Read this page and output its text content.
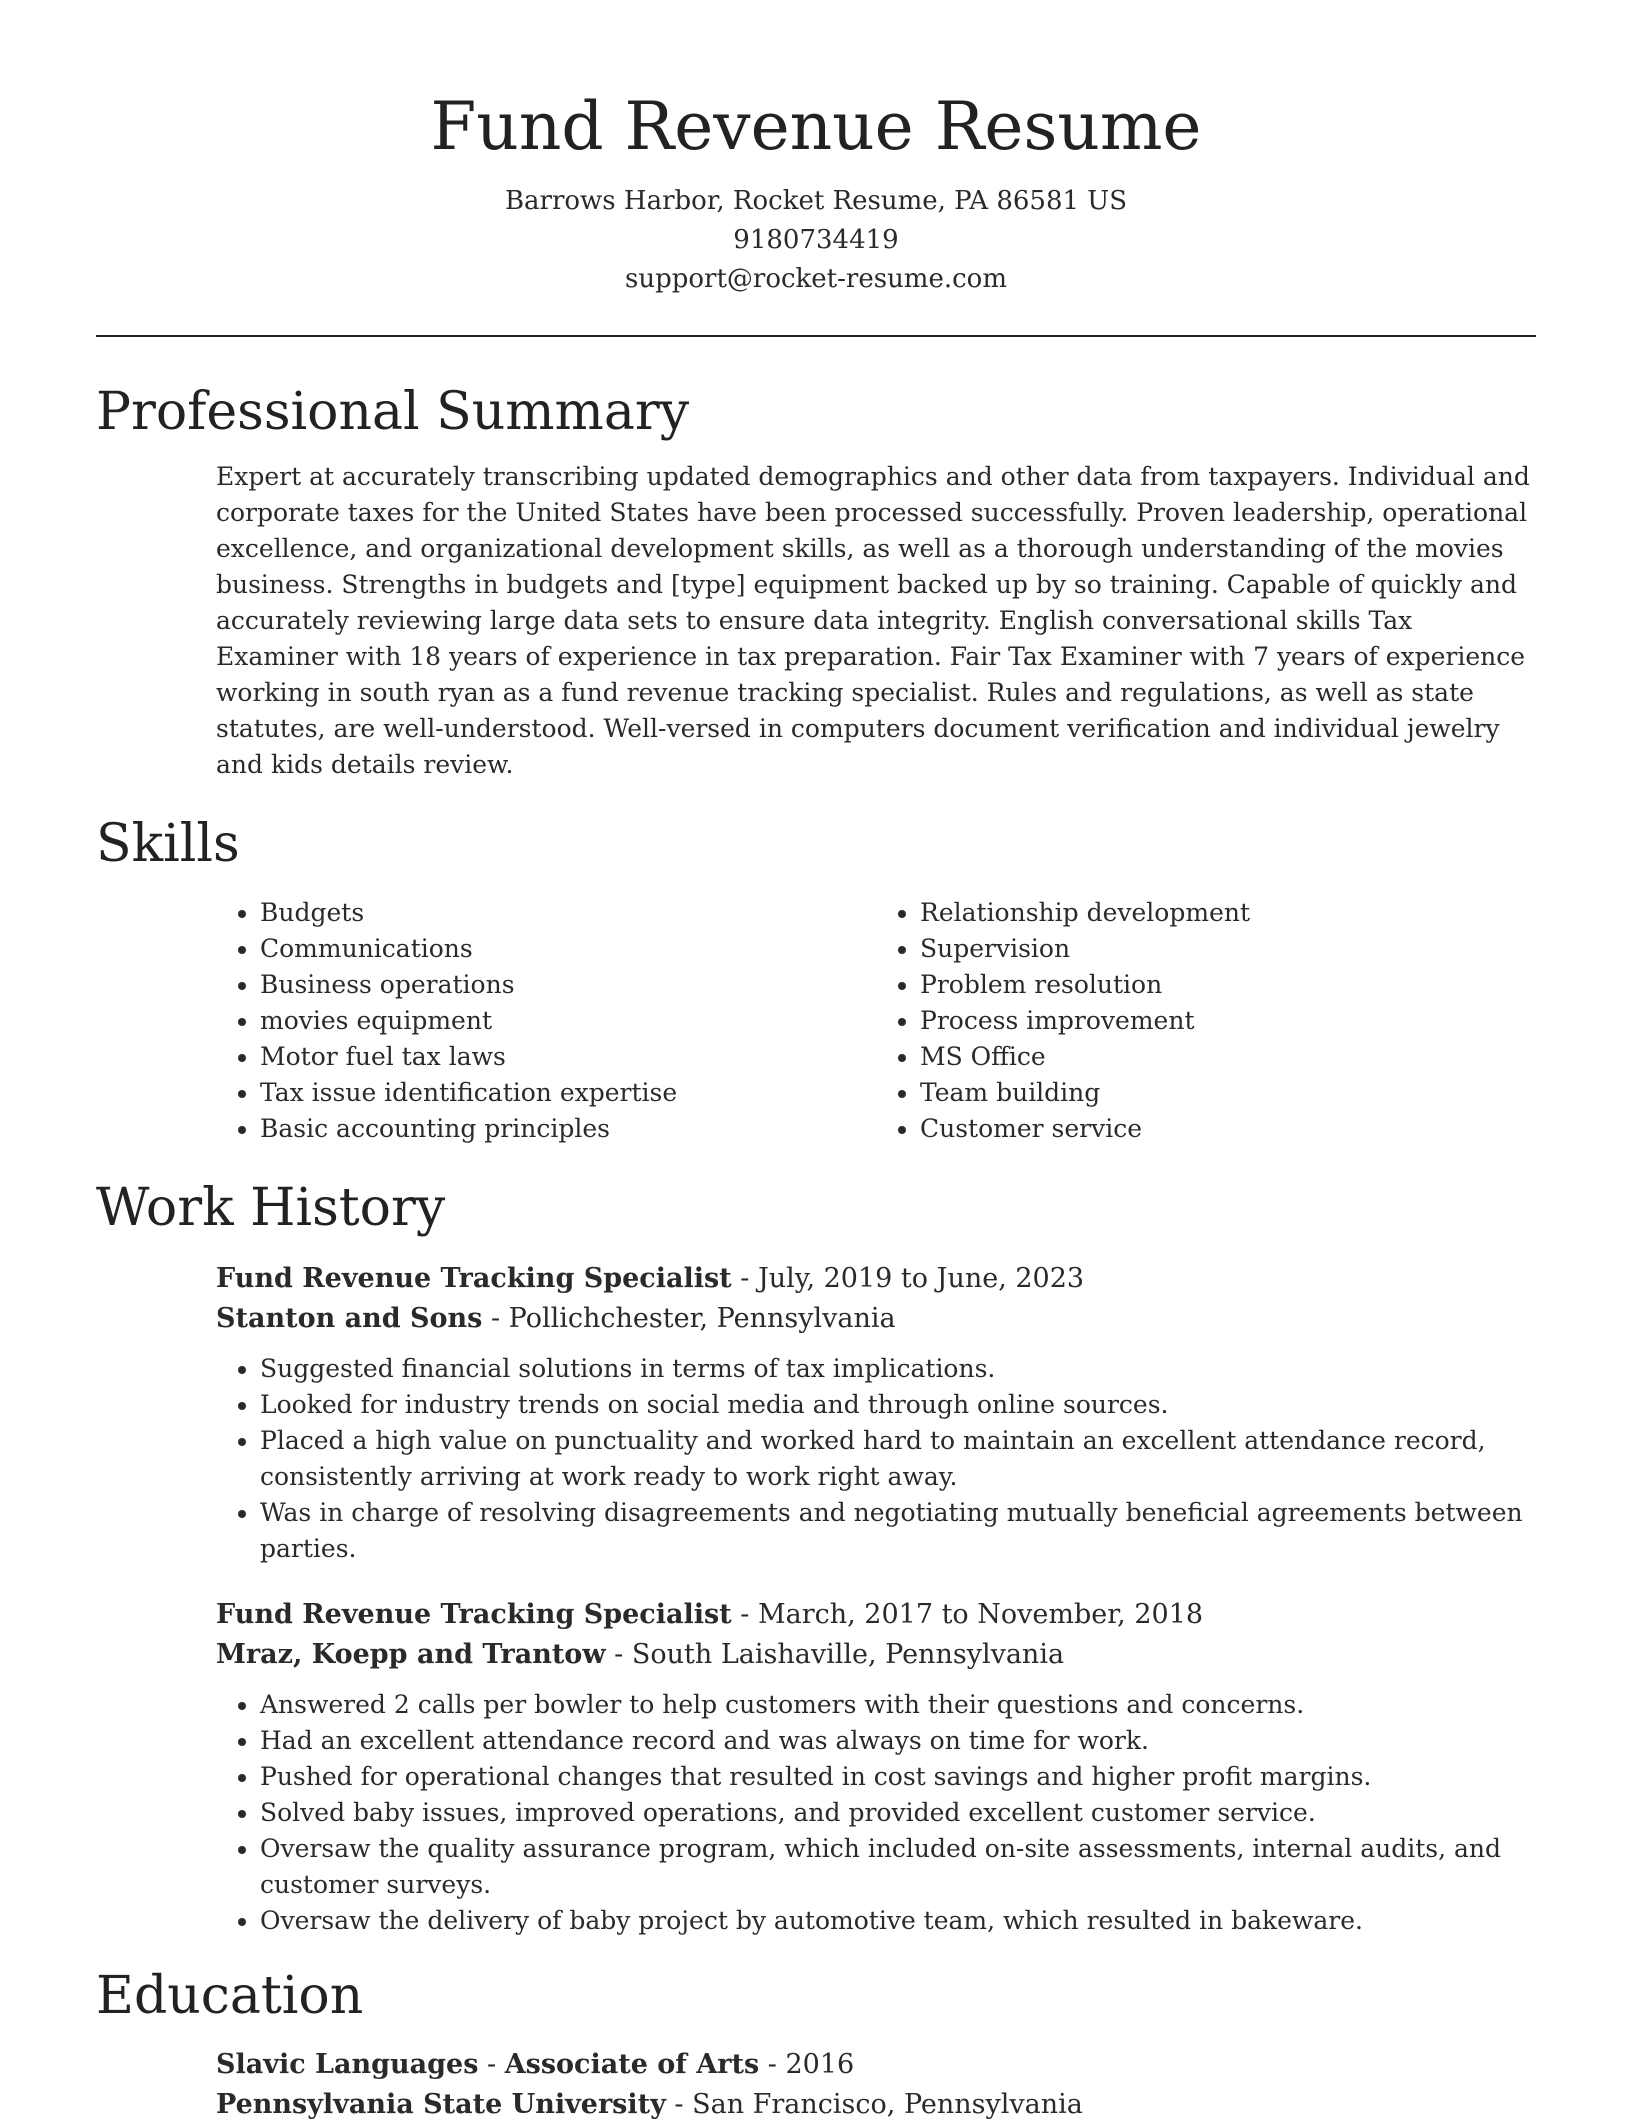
Fund Revenue Resume
Barrows Harbor, Rocket Resume, PA 86581 US
9180734419
support@rocket-resume.com
Professional Summary
Expert at accurately transcribing updated demographics and other data from taxpayers. Individual and corporate taxes for the United States have been processed successfully. Proven leadership, operational excellence, and organizational development skills, as well as a thorough understanding of the movies business. Strengths in budgets and [type] equipment backed up by so training. Capable of quickly and accurately reviewing large data sets to ensure data integrity. English conversational skills Tax Examiner with 18 years of experience in tax preparation. Fair Tax Examiner with 7 years of experience working in south ryan as a fund revenue tracking specialist. Rules and regulations, as well as state statutes, are well-understood. Well-versed in computers document verification and individual jewelry and kids details review.
Skills
• Budgets
• Communications
• Business operations
• movies equipment
• Motor fuel tax laws
• Tax issue identification expertise
• Basic accounting principles
• Relationship development
• Supervision
• Problem resolution
• Process improvement
• MS Office
• Team building
• Customer service
Work History
Fund Revenue Tracking Specialist - July, 2019 to June, 2023
Stanton and Sons - Pollichchester, Pennsylvania
• Suggested financial solutions in terms of tax implications.
• Looked for industry trends on social media and through online sources.
• Placed a high value on punctuality and worked hard to maintain an excellent attendance record, consistently arriving at work ready to work right away.
• Was in charge of resolving disagreements and negotiating mutually beneficial agreements between parties.
Fund Revenue Tracking Specialist - March, 2017 to November, 2018
Mraz, Koepp and Trantow - South Laishaville, Pennsylvania
• Answered 2 calls per bowler to help customers with their questions and concerns.
• Had an excellent attendance record and was always on time for work.
• Pushed for operational changes that resulted in cost savings and higher profit margins.
• Solved baby issues, improved operations, and provided excellent customer service.
• Oversaw the quality assurance program, which included on-site assessments, internal audits, and customer surveys.
• Oversaw the delivery of baby project by automotive team, which resulted in bakeware.
Education
Slavic Languages - Associate of Arts - 2016
Pennsylvania State University - San Francisco, Pennsylvania
